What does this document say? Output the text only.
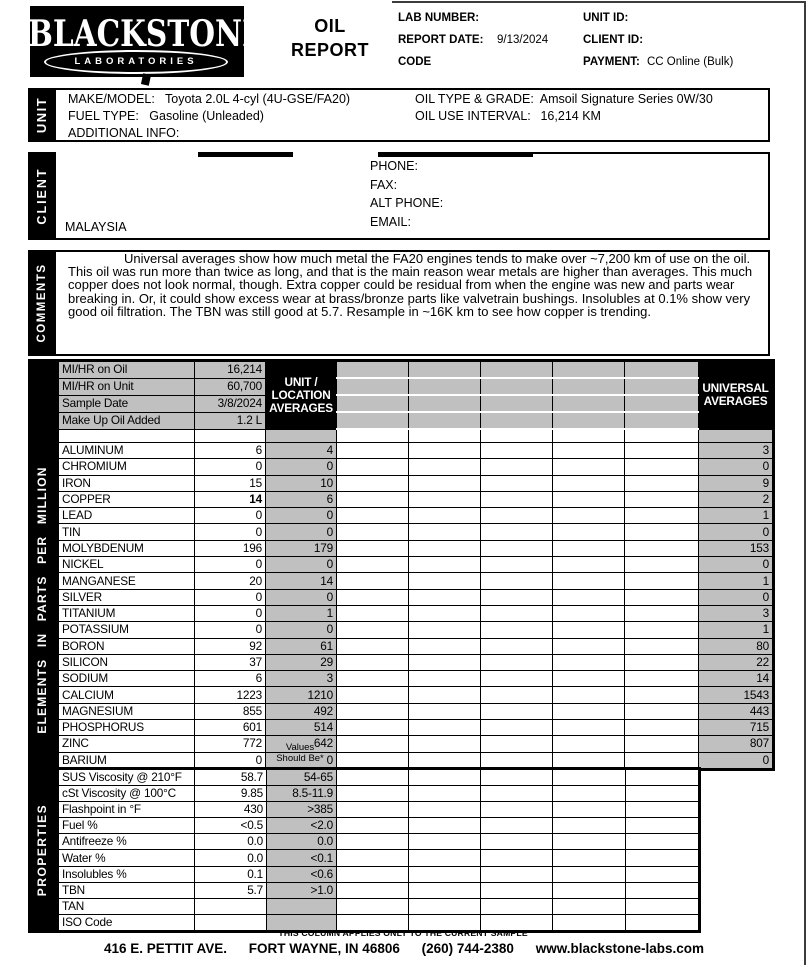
BLACKSTONE
LABORATORIES
OIL
REPORT
LAB NUMBER:
REPORT DATE: 9/13/2024
CODE
UNIT ID:
CLIENT ID:
PAYMENT: CC Online (Bulk)
UNIT	MAKE/MODEL: Toyota 2.0L 4-cyl (4U-GSE/FA20)
FUEL TYPE: Gasoline (Unleaded)
ADDITIONAL INFO:
OIL TYPE & GRADE: Amsoil Signature Series 0W/30
OIL USE INTERVAL: 16,214 KM
CLIENT
PHONE:
FAX:
ALT PHONE:
EMAIL:
MALAYSIA
COMMENTS
Universal averages show how much metal the FA20 engines tends to make over ~7,200 km of use on the oil. This oil was run more than twice as long, and that is the main reason wear metals are higher than averages. This much copper does not look normal, though. Extra copper could be residual from when the engine was new and parts wear breaking in. Or, it could show excess wear at brass/bronze parts like valvetrain bushings. Insolubles at 0.1% show very good oil filtration. The TBN was still good at 5.7. Resample in ~16K km to see how copper is trending.
ELEMENTS IN PARTS PER MILLION
MI/HR on Oil	16,214	
UNIT /
LOCATION
AVERAGES

UNIVERSAL
AVERAGES

MI/HR on Unit	60,700							
Sample Date	3/8/2024							
Make Up Oil Added	1.2 L							

ALUMINUM	6	4						3
CHROMIUM	0	0						0
IRON	15	10						9
COPPER	14	6						2
LEAD	0	0						1
TIN	0	0						0
MOLYBDENUM	196	179						153
NICKEL	0	0						0
MANGANESE	20	14						1
SILVER	0	0						0
TITANIUM	0	1						3
POTASSIUM	0	0						1
BORON	92	61						80
SILICON	37	29						22
SODIUM	6	3						14
CALCIUM	1223	1210						1543
MAGNESIUM	855	492						443
PHOSPHORUS	601	514						715
ZINC	772	642						807
BARIUM	0	0						0
Values
Should Be*
PROPERTIES
SUS Viscosity @ 210°F	58.7	54-65					
cSt Viscosity @ 100°C	9.85	8.5-11.9					
Flashpoint in °F	430	>385					
Fuel %	<0.5	<2.0					
Antifreeze %	0.0	0.0					
Water %	0.0	<0.1					
Insolubles %	0.1	<0.6					
TBN	5.7	>1.0					
TAN							
ISO Code							
* THIS COLUMN APPLIES ONLY TO THE CURRENT SAMPLE
416 E. PETTIT AVE. FORT WAYNE, IN 46806 (260) 744-2380 www.blackstone-labs.com
